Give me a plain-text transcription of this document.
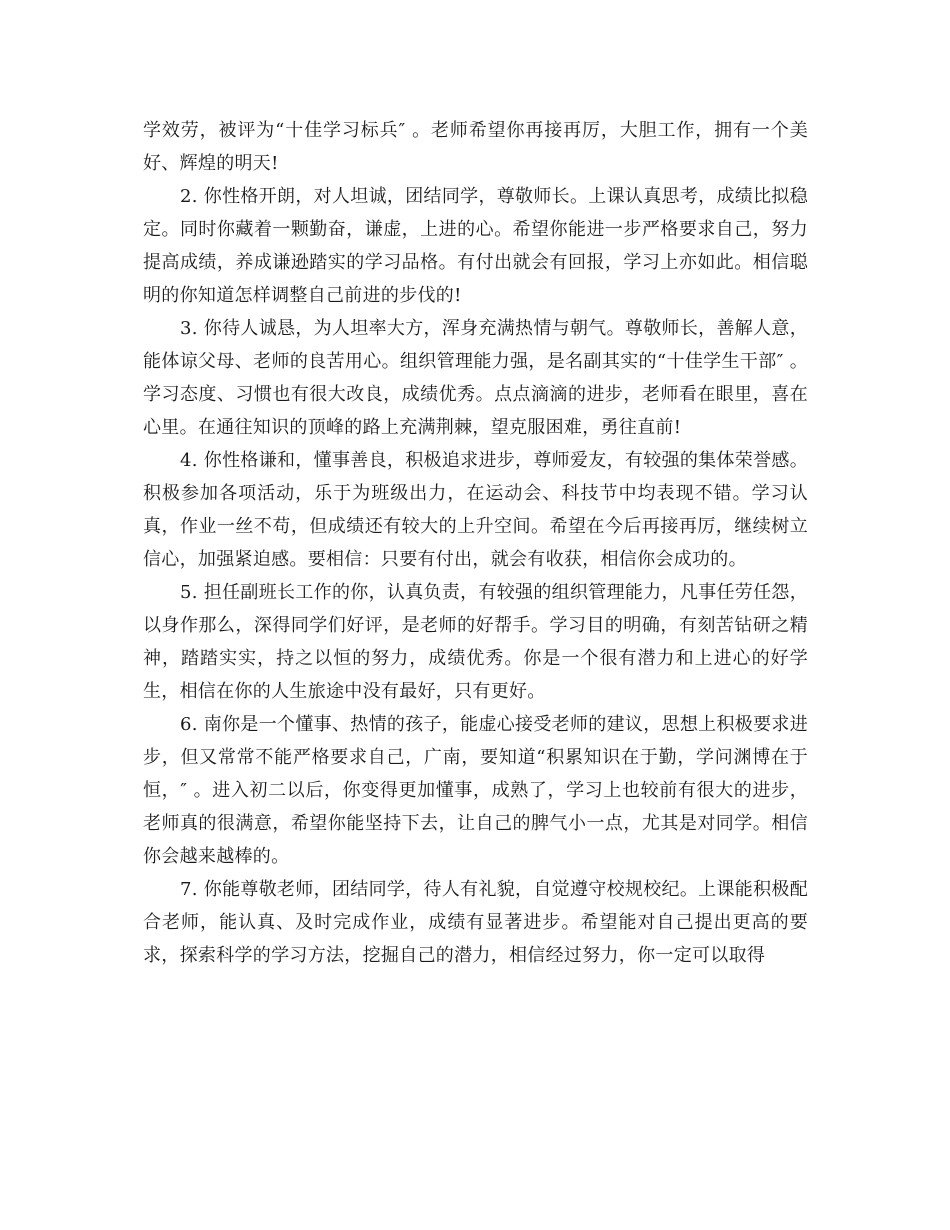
学效劳，被评为“十佳学习标兵″ 。老师希望你再接再厉，大胆工作，拥有一个美好、辉煌的明天!

2. 你性格开朗，对人坦诚，团结同学，尊敬师长。上课认真思考，成绩比拟稳定。同时你藏着一颗勤奋，谦虚，上进的心。希望你能进一步严格要求自己，努力提高成绩，养成谦逊踏实的学习品格。有付出就会有回报，学习上亦如此。相信聪明的你知道怎样调整自己前进的步伐的!

3. 你待人诚恳，为人坦率大方，浑身充满热情与朝气。尊敬师长，善解人意，能体谅父母、老师的良苦用心。组织管理能力强，是名副其实的“十佳学生干部″ 。学习态度、习惯也有很大改良，成绩优秀。点点滴滴的进步，老师看在眼里，喜在心里。在通往知识的顶峰的路上充满荆棘，望克服困难，勇往直前!

4. 你性格谦和，懂事善良，积极追求进步，尊师爱友，有较强的集体荣誉感。积极参加各项活动，乐于为班级出力，在运动会、科技节中均表现不错。学习认真，作业一丝不苟，但成绩还有较大的上升空间。希望在今后再接再厉，继续树立信心，加强紧迫感。要相信：只要有付出，就会有收获，相信你会成功的。

5. 担任副班长工作的你，认真负责，有较强的组织管理能力，凡事任劳任怨，以身作那么，深得同学们好评，是老师的好帮手。学习目的明确，有刻苦钻研之精神，踏踏实实，持之以恒的努力，成绩优秀。你是一个很有潜力和上进心的好学生，相信在你的人生旅途中没有最好，只有更好。

6. 南你是一个懂事、热情的孩子，能虚心接受老师的建议，思想上积极要求进步，但又常常不能严格要求自己，广南，要知道“积累知识在于勤，学问渊博在于恒，″ 。进入初二以后，你变得更加懂事，成熟了，学习上也较前有很大的进步，老师真的很满意，希望你能坚持下去，让自己的脾气小一点，尤其是对同学。相信你会越来越棒的。

7. 你能尊敬老师，团结同学，待人有礼貌，自觉遵守校规校纪。上课能积极配合老师，能认真、及时完成作业，成绩有显著进步。希望能对自己提出更高的要求，探索科学的学习方法，挖掘自己的潜力，相信经过努力，你一定可以取得
